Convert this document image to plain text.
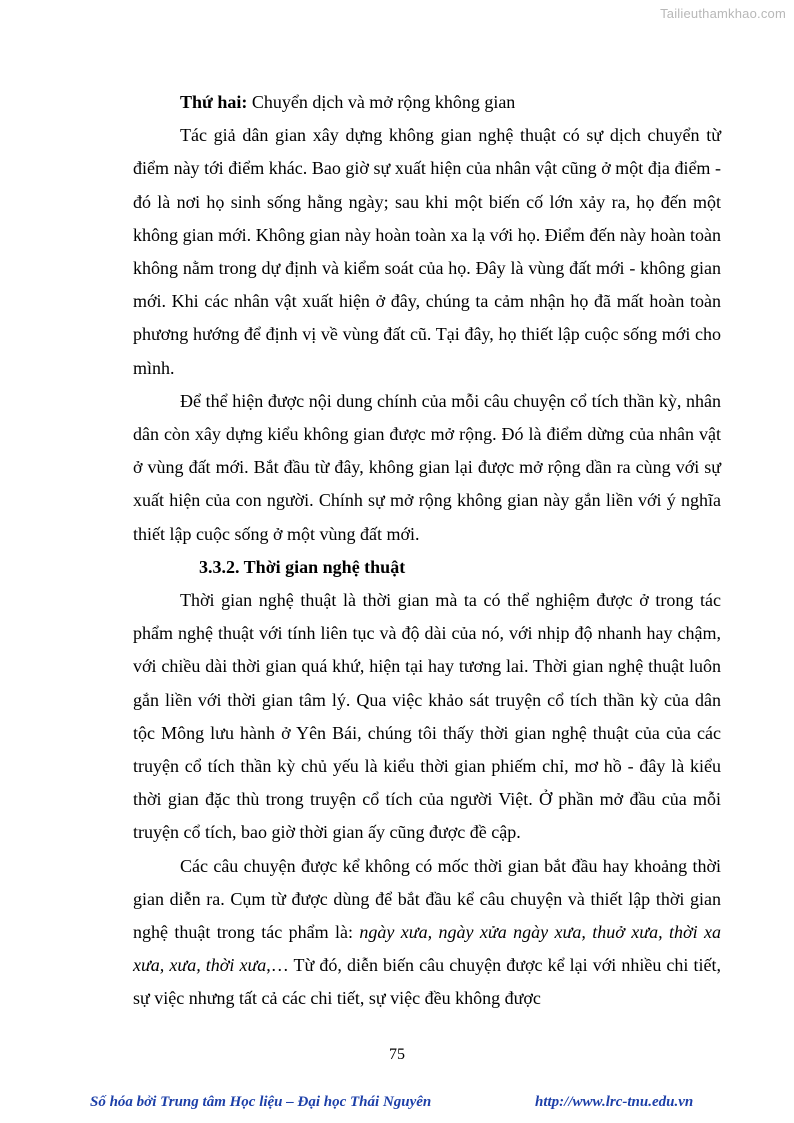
Tailieuthamkhao.com

Thứ hai: Chuyển dịch và mở rộng không gian

Tác giả dân gian xây dựng không gian nghệ thuật có sự dịch chuyển từ điểm này tới điểm khác. Bao giờ sự xuất hiện của nhân vật cũng ở một địa điểm - đó là nơi họ sinh sống hằng ngày; sau khi một biến cố lớn xảy ra, họ đến một không gian mới. Không gian này hoàn toàn xa lạ với họ. Điểm đến này hoàn toàn không nằm trong dự định và kiểm soát của họ. Đây là vùng đất mới - không gian mới. Khi các nhân vật xuất hiện ở đây, chúng ta cảm nhận họ đã mất hoàn toàn phương hướng để định vị về vùng đất cũ. Tại đây, họ thiết lập cuộc sống mới cho mình.

Để thể hiện được nội dung chính của mỗi câu chuyện cổ tích thần kỳ, nhân dân còn xây dựng kiểu không gian được mở rộng. Đó là điểm dừng của nhân vật ở vùng đất mới. Bắt đầu từ đây, không gian lại được mở rộng dần ra cùng với sự xuất hiện của con người. Chính sự mở rộng không gian này gắn liền với ý nghĩa thiết lập cuộc sống ở một vùng đất mới.

3.3.2. Thời gian nghệ thuật

Thời gian nghệ thuật là thời gian mà ta có thể nghiệm được ở trong tác phẩm nghệ thuật với tính liên tục và độ dài của nó, với nhịp độ nhanh hay chậm, với chiều dài thời gian quá khứ, hiện tại hay tương lai. Thời gian nghệ thuật luôn gắn liền với thời gian tâm lý. Qua việc khảo sát truyện cổ tích thần kỳ của dân tộc Mông lưu hành ở Yên Bái, chúng tôi thấy thời gian nghệ thuật của của các truyện cổ tích thần kỳ chủ yếu là kiểu thời gian phiếm chỉ, mơ hồ - đây là kiểu thời gian đặc thù trong truyện cổ tích của người Việt. Ở phần mở đầu của mỗi truyện cổ tích, bao giờ thời gian ấy cũng được đề cập.

Các câu chuyện được kể không có mốc thời gian bắt đầu hay khoảng thời gian diễn ra. Cụm từ được dùng để bắt đầu kể câu chuyện và thiết lập thời gian nghệ thuật trong tác phẩm là: ngày xưa, ngày xửa ngày xưa, thuở xưa, thời xa xưa, xưa, thời xưa,… Từ đó, diễn biến câu chuyện được kể lại với nhiều chi tiết, sự việc nhưng tất cả các chi tiết, sự việc đều không được

75
Số hóa bởi Trung tâm Học liệu – Đại học Thái Nguyên	http://www.lrc-tnu.edu.vn
